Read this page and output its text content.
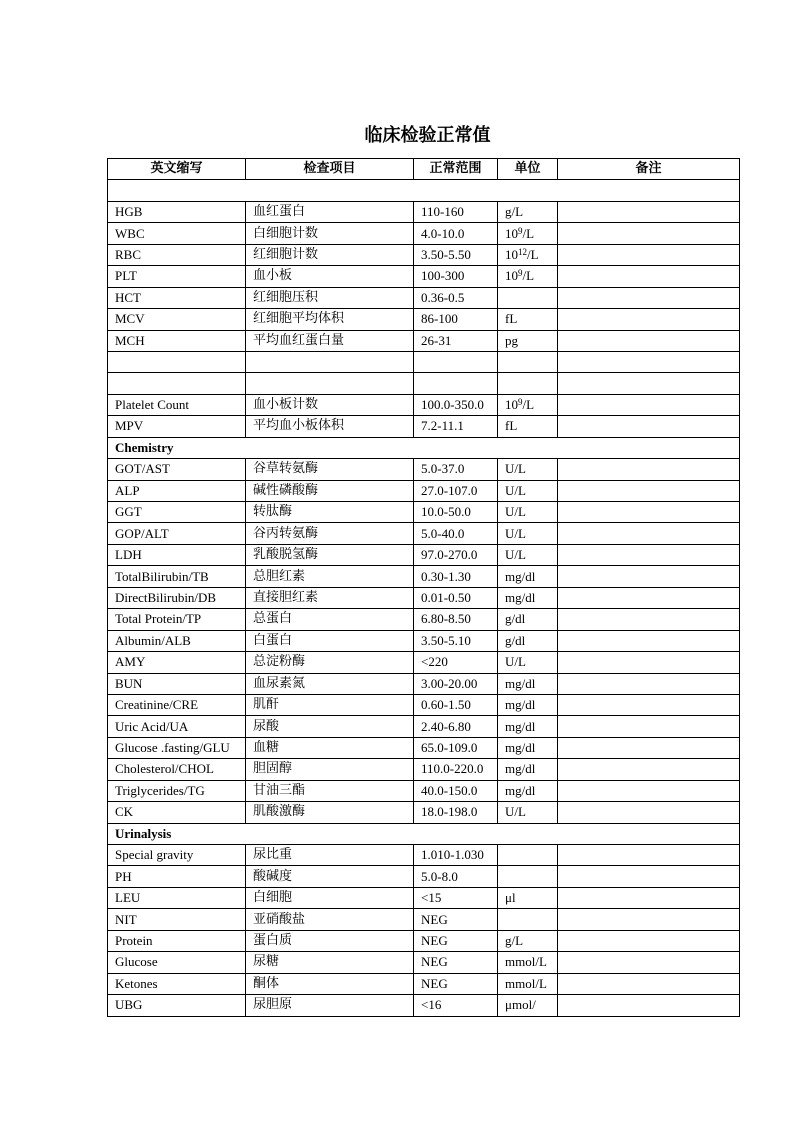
临床检验正常值
英文缩写	检查项目	正常范围	单位	备注

HGB	血红蛋白	110-160	g/L	
WBC	白细胞计数	4.0-10.0	$10^9/L$	
RBC	红细胞计数	3.50-5.50	$10^{12}/L$	
PLT	血小板	100-300	$10^9/L$	
HCT	红细胞压积	0.36-0.5		
MCV	红细胞平均体积	86-100	fL	
MCH	平均血红蛋白量	26-31	pg	

Platelet Count	血小板计数	100.0-350.0	$10^9/L$	
MPV	平均血小板体积	7.2-11.1	fL	
Chemistry				
GOT/AST	谷草转氨酶	5.0-37.0	U/L	
ALP	碱性磷酸酶	27.0-107.0	U/L	
GGT	转肽酶	10.0-50.0	U/L	
GOP/ALT	谷丙转氨酶	5.0-40.0	U/L	
LDH	乳酸脱氢酶	97.0-270.0	U/L	
TotalBilirubin/TB	总胆红素	0.30-1.30	mg/dl	
DirectBilirubin/DB	直接胆红素	0.01-0.50	mg/dl	
Total Protein/TP	总蛋白	6.80-8.50	g/dl	
Albumin/ALB	白蛋白	3.50-5.10	g/dl	
AMY	总淀粉酶	<220	U/L	
BUN	血尿素氮	3.00-20.00	mg/dl	
Creatinine/CRE	肌酐	0.60-1.50	mg/dl	
Uric Acid/UA	尿酸	2.40-6.80	mg/dl	
Glucose .fasting/GLU	血糖	65.0-109.0	mg/dl	
Cholesterol/CHOL	胆固醇	110.0-220.0	mg/dl	
Triglycerides/TG	甘油三酯	40.0-150.0	mg/dl	
CK	肌酸激酶	18.0-198.0	U/L	
Urinalysis				
Special gravity	尿比重	1.010-1.030		
PH	酸碱度	5.0-8.0		
LEU	白细胞	<15	μl	
NIT	亚硝酸盐	NEG		
Protein	蛋白质	NEG	g/L	
Glucose	尿糖	NEG	mmol/L	
Ketones	酮体	NEG	mmol/L	
UBG	尿胆原	<16	μmol/	
